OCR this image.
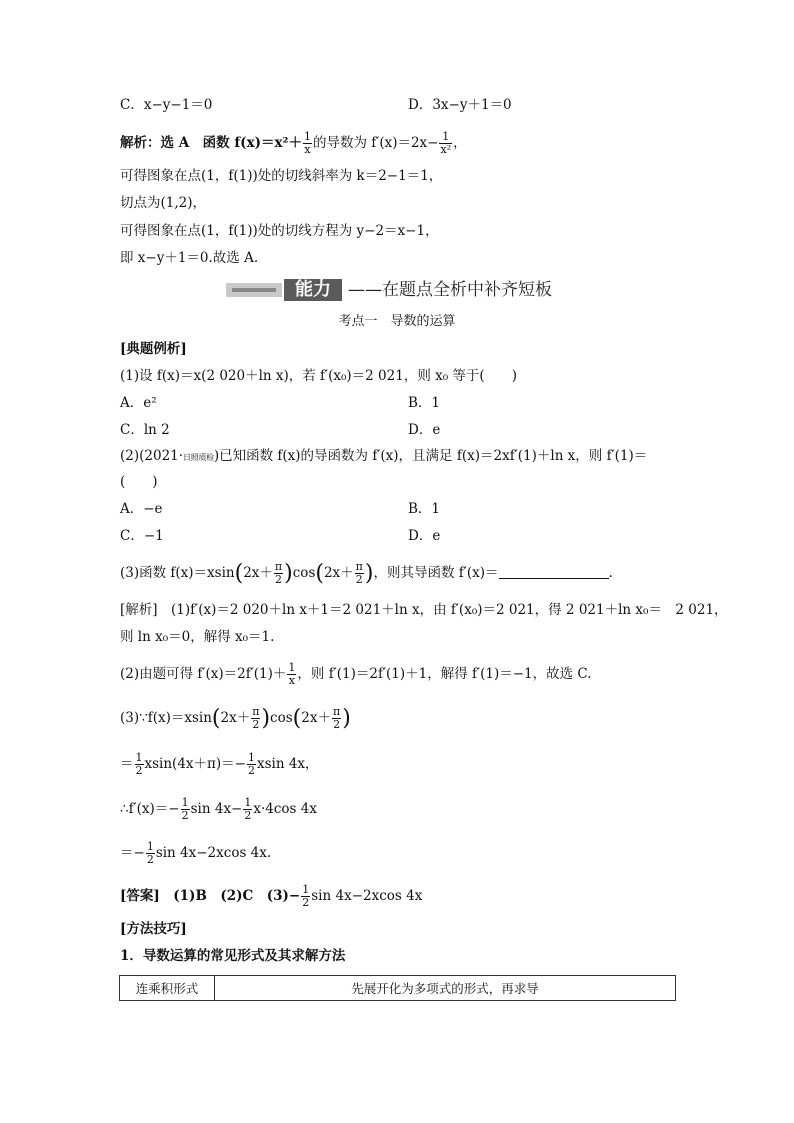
C．x−y−1＝0	D．3x−y＋1＝0
解析：选 A　函数 $f(x)=x^2+ \frac{1}{x}$ 的导数为 $f'(x)=2x- \frac{1}{\text{x²}}$ ，
可得图象在点(1，f(1))处的切线斜率为 k＝2−1＝1，
切点为(1,2)，
可得图象在点(1，f(1))处的切线方程为 y−2＝x−1，
即 x−y＋1＝0.故选 A.
能力	——在题点全析中补齐短板
考点一　导数的运算
[典题例析]
(1)设 f(x)＝x(2 020＋ln x)，若 f′(x₀)＝2 021，则 x₀ 等于(　　)
A．e²	B．1
C．ln 2	D．e
(2)(2021·日照质检)已知函数 f(x)的导函数为 f′(x)，且满足 f(x)＝2xf′(1)＋ln x，则 f′(1)＝
(　　)
A．−e	B．1
C．−1	D．e
(3)函数 $f(x)=xsin(2x+ \frac{\pi}{2} )\cos(2x+ \frac{\pi}{2}$ )，则其导函数 f′(x)＝	.
[解析]　(1)f′(x)＝2 020＋ln x＋1＝2 021＋ln x，由 f′(x₀)＝2 021，得 2 021＋ln x₀＝　2 021，
则 ln x₀＝0，解得 x₀＝1.
(2)由题可得 $f'(x)=2f'(1)+ \frac{1}{x}$ ，则 f′(1)＝2f′(1)＋1，解得 f′(1)＝−1，故选 C.
(3)∵f(x)＝xsin(2x＋ $\frac{\pi}{2} )\cos(2x+ \frac{\pi}{2}$ )
＝ $\frac{1}{2} xsin(4x+\pi)=- \frac{1}{2}$ xsin 4x，
∴f′(x)＝− $\frac{1}{2}$ $\sin 4x- \frac{1}{2} x\cdot 4\cos$ 4x
＝− $\frac{1}{2}$ sin 4x−2xcos 4x.
[答案]　(1)B　(2)C　$(3)- \frac{1}{2}$ sin 4x−2xcos 4x
[方法技巧]
1．导数运算的常见形式及其求解方法
连乘积形式	先展开化为多项式的形式，再求导
